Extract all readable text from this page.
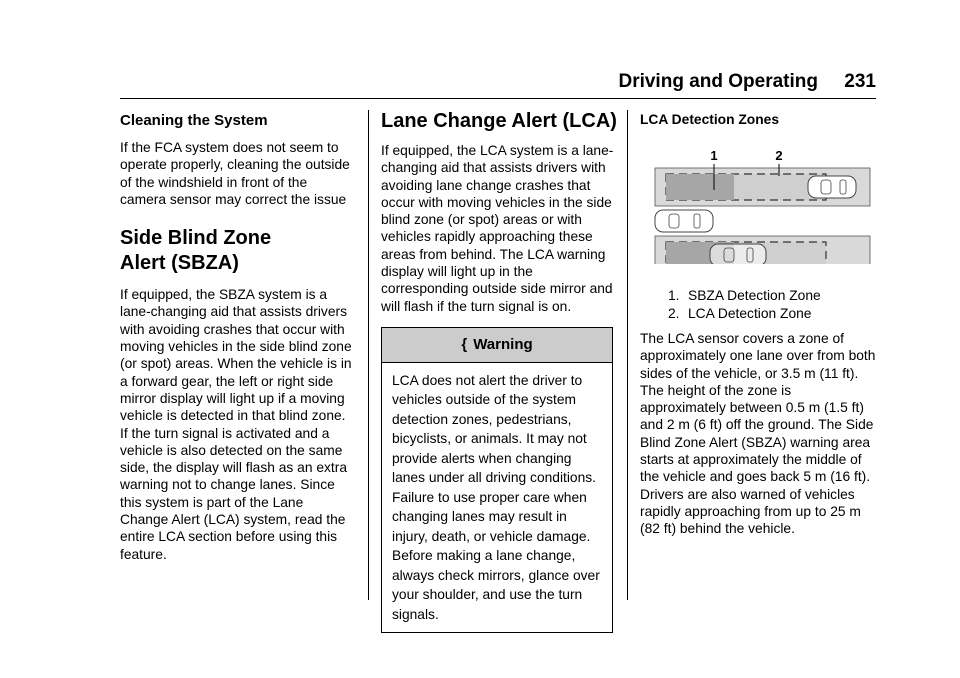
Driving and Operating 231
Cleaning the System

If the FCA system does not seem to operate properly, cleaning the outside of the windshield in front of the camera sensor may correct the issue

Side Blind Zone
Alert (SBZA)

If equipped, the SBZA system is a lane-changing aid that assists drivers with avoiding crashes that occur with moving vehicles in the side blind zone (or spot) areas. When the vehicle is in a forward gear, the left or right side mirror display will light up if a moving vehicle is detected in that blind zone. If the turn signal is activated and a vehicle is also detected on the same side, the display will flash as an extra warning not to change lanes. Since this system is part of the Lane Change Alert (LCA) system, read the entire LCA section before using this feature.

Lane Change Alert (LCA)

If equipped, the LCA system is a lane-changing aid that assists drivers with avoiding lane change crashes that occur with moving vehicles in the side blind zone (or spot) areas or with vehicles rapidly approaching these areas from behind. The LCA warning display will light up in the corresponding outside side mirror and will flash if the turn signal is on.

{ Warning
LCA does not alert the driver to vehicles outside of the system detection zones, pedestrians, bicyclists, or animals. It may not provide alerts when changing lanes under all driving conditions. Failure to use proper care when changing lanes may result in injury, death, or vehicle damage. Before making a lane change, always check mirrors, glance over your shoulder, and use the turn signals.
LCA Detection Zones
1	2
1. SBZA Detection Zone
2. LCA Detection Zone

The LCA sensor covers a zone of approximately one lane over from both sides of the vehicle, or 3.5 m (11 ft). The height of the zone is approximately between 0.5 m (1.5 ft) and 2 m (6 ft) off the ground. The Side Blind Zone Alert (SBZA) warning area starts at approximately the middle of the vehicle and goes back 5 m (16 ft). Drivers are also warned of vehicles rapidly approaching from up to 25 m (82 ft) behind the vehicle.
